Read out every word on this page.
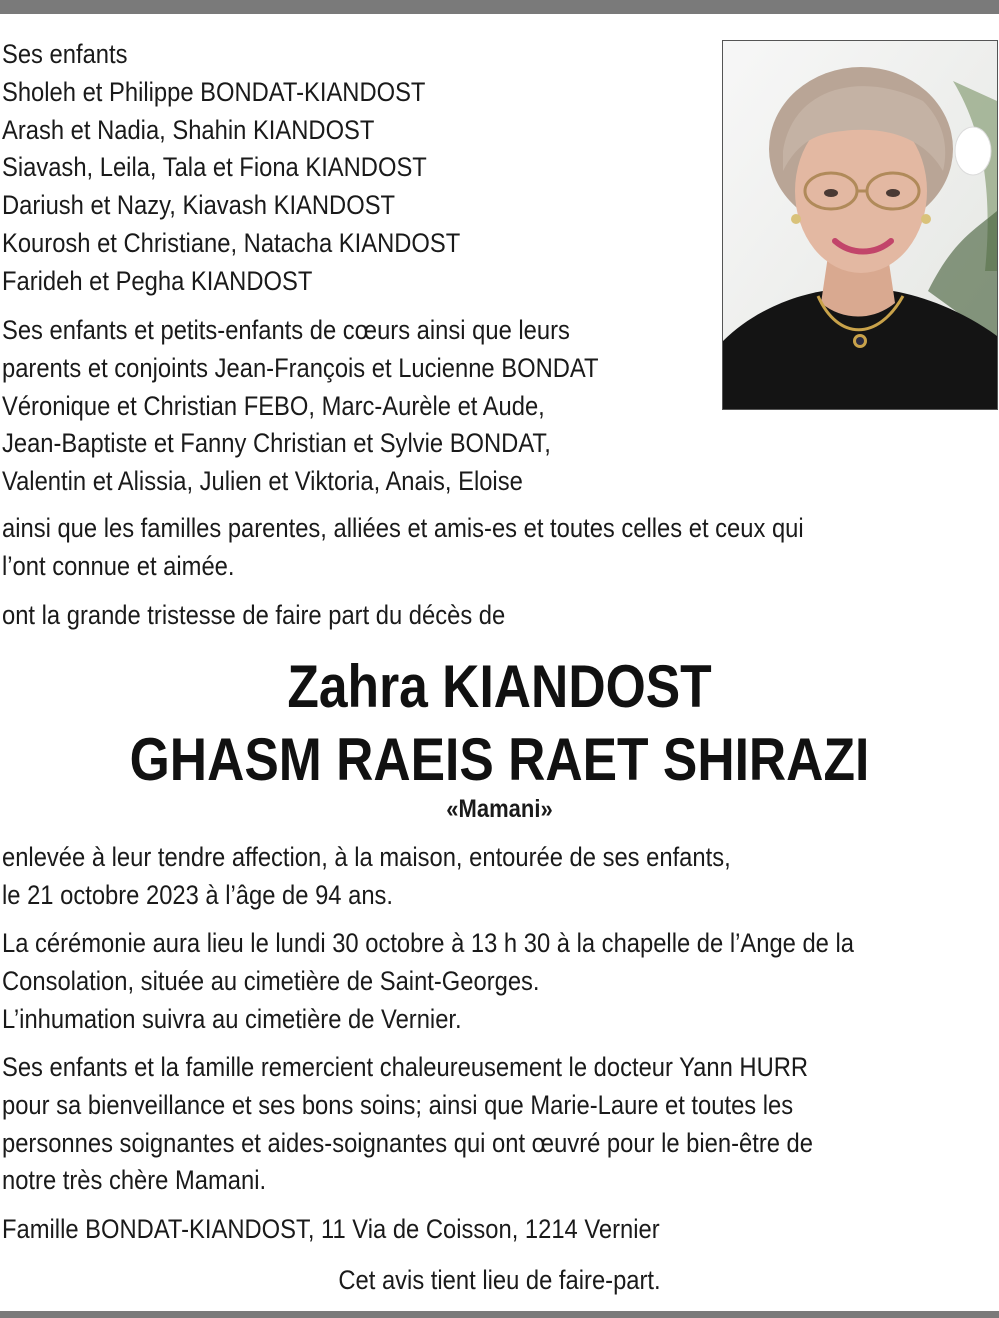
Ses enfants
Sholeh et Philippe BONDAT-KIANDOST
Arash et Nadia, Shahin KIANDOST
Siavash, Leila, Tala et Fiona KIANDOST
Dariush et Nazy, Kiavash KIANDOST
Kourosh et Christiane, Natacha KIANDOST
Farideh et Pegha KIANDOST
Ses enfants et petits-enfants de cœurs ainsi que leurs
parents et conjoints Jean-François et Lucienne BONDAT
Véronique et Christian FEBO, Marc-Aurèle et Aude,
Jean-Baptiste et Fanny Christian et Sylvie BONDAT,
Valentin et Alissia, Julien et Viktoria, Anais, Eloise
ainsi que les familles parentes, alliées et amis-es et toutes celles et ceux qui
l’ont connue et aimée.
ont la grande tristesse de faire part du décès de
Zahra KIANDOST
GHASM RAEIS RAET SHIRAZI
«Mamani»
enlevée à leur tendre affection, à la maison, entourée de ses enfants,
le 21 octobre 2023 à l’âge de 94 ans.
La cérémonie aura lieu le lundi 30 octobre à 13 h 30 à la chapelle de l’Ange de la
Consolation, située au cimetière de Saint-Georges.
L’inhumation suivra au cimetière de Vernier.
Ses enfants et la famille remercient chaleureusement le docteur Yann HURR
pour sa bienveillance et ses bons soins; ainsi que Marie-Laure et toutes les
personnes soignantes et aides-soignantes qui ont œuvré pour le bien-être de
notre très chère Mamani.
Famille BONDAT-KIANDOST, 11 Via de Coisson, 1214 Vernier
Cet avis tient lieu de faire-part.
